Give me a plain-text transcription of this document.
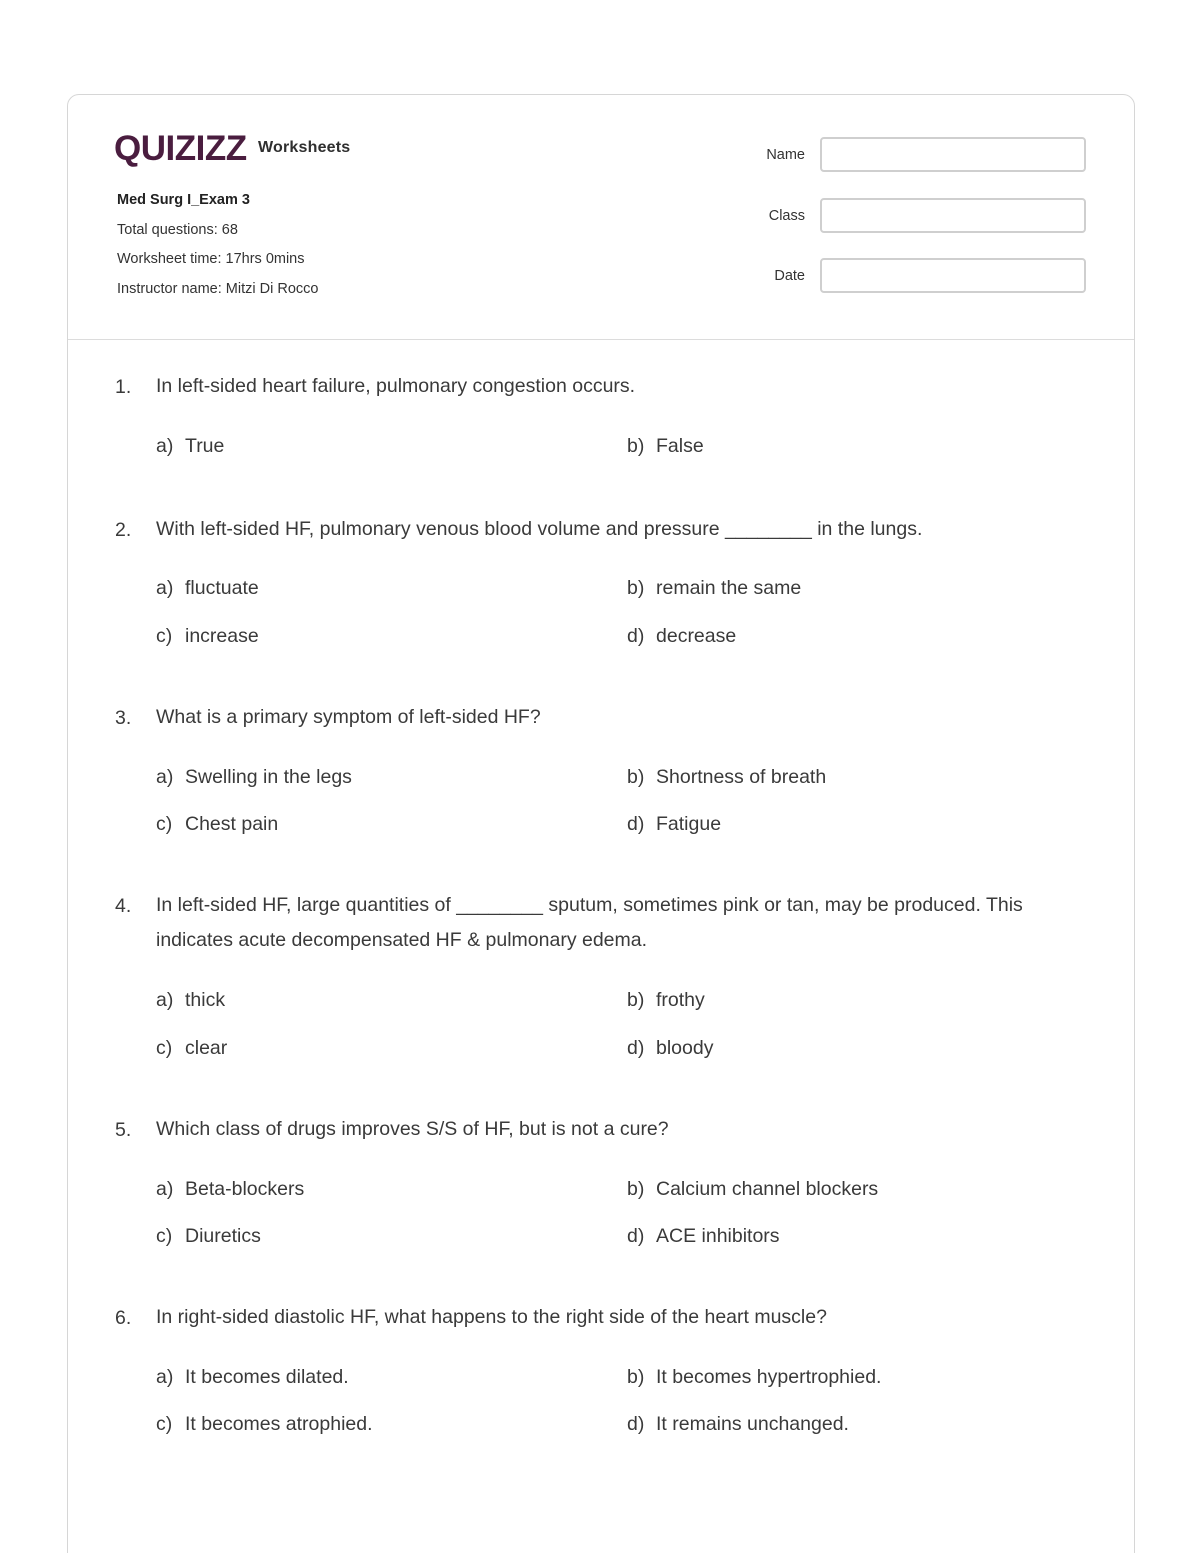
QUIZIZZ Worksheets
Med Surg I_Exam 3
Total questions: 68
Worksheet time: 17hrs 0mins
Instructor name: Mitzi Di Rocco
Name
Class
Date
1. In left-sided heart failure, pulmonary congestion occurs.
a) True	b) False
2. With left-sided HF, pulmonary venous blood volume and pressure ________ in the lungs.
a) fluctuate	b) remain the same
c) increase	d) decrease
3. What is a primary symptom of left-sided HF?
a) Swelling in the legs	b) Shortness of breath
c) Chest pain	d) Fatigue
4. In left-sided HF, large quantities of ________ sputum, sometimes pink or tan, may be produced. This indicates acute decompensated HF & pulmonary edema.
a) thick	b) frothy
c) clear	d) bloody
5. Which class of drugs improves S/S of HF, but is not a cure?
a) Beta-blockers	b) Calcium channel blockers
c) Diuretics	d) ACE inhibitors
6. In right-sided diastolic HF, what happens to the right side of the heart muscle?
a) It becomes dilated.	b) It becomes hypertrophied.
c) It becomes atrophied.	d) It remains unchanged.
